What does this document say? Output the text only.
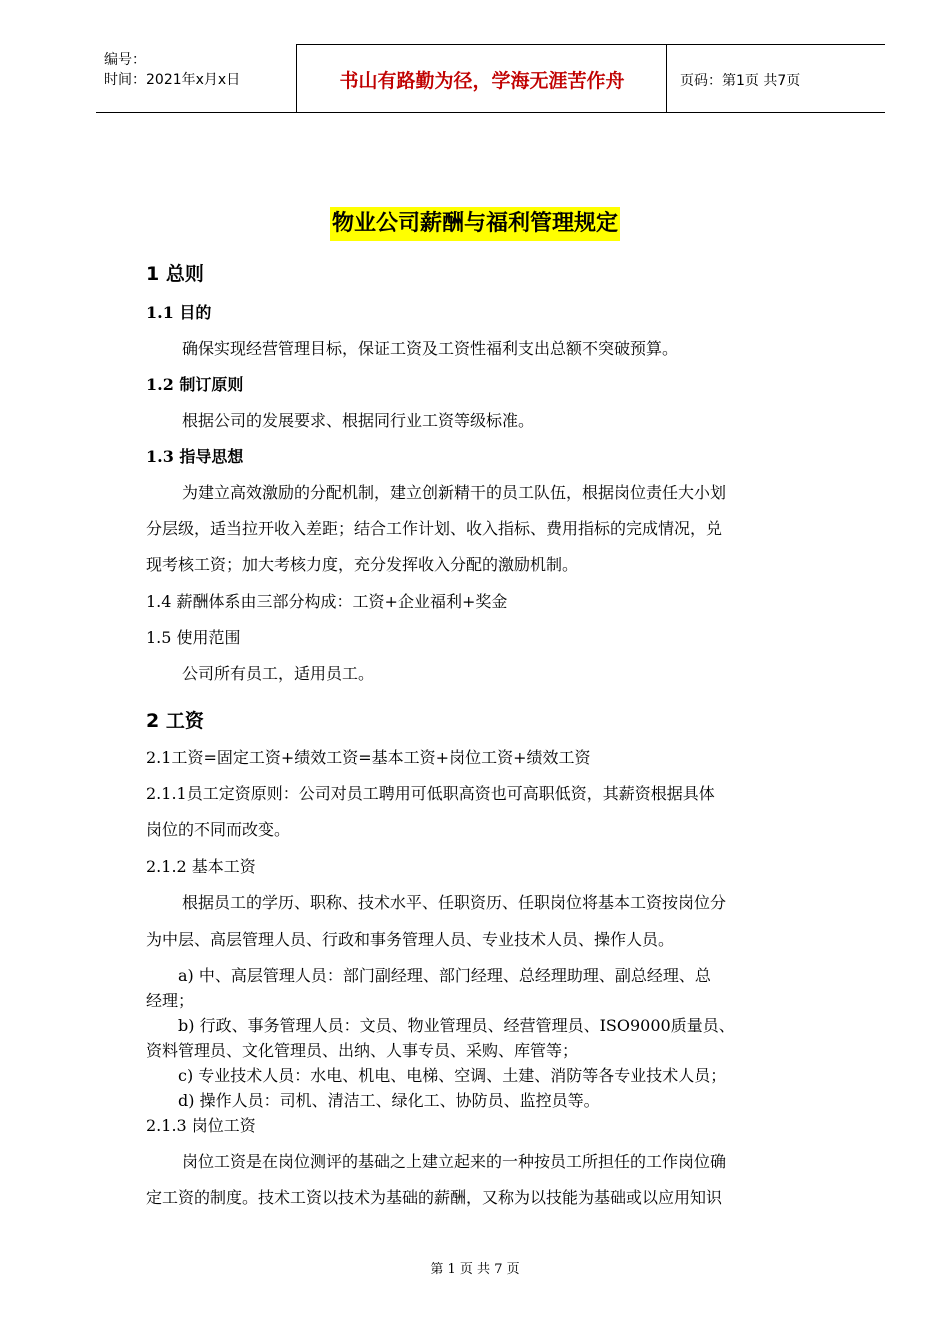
编号：
时间：2021年x月x日	书山有路勤为径，学海无涯苦作舟	页码：第1页 共7页
物业公司薪酬与福利管理规定
1 总则
1.1 目的
确保实现经营管理目标，保证工资及工资性福利支出总额不突破预算。
1.2 制订原则
根据公司的发展要求、根据同行业工资等级标准。
1.3 指导思想
为建立高效激励的分配机制，建立创新精干的员工队伍，根据岗位责任大小划
分层级，适当拉开收入差距；结合工作计划、收入指标、费用指标的完成情况，兑
现考核工资；加大考核力度，充分发挥收入分配的激励机制。
1.4 薪酬体系由三部分构成：工资+企业福利+奖金
1.5 使用范围
公司所有员工，适用员工。
2 工资
2.1工资=固定工资+绩效工资=基本工资+岗位工资+绩效工资
2.1.1员工定资原则：公司对员工聘用可低职高资也可高职低资，其薪资根据具体
岗位的不同而改变。
2.1.2 基本工资
根据员工的学历、职称、技术水平、任职资历、任职岗位将基本工资按岗位分
为中层、高层管理人员、行政和事务管理人员、专业技术人员、操作人员。
a) 中、高层管理人员：部门副经理、部门经理、总经理助理、副总经理、总
经理；
b) 行政、事务管理人员：文员、物业管理员、经营管理员、ISO9000质量员、
资料管理员、文化管理员、出纳、人事专员、采购、库管等；
c) 专业技术人员：水电、机电、电梯、空调、土建、消防等各专业技术人员；
d) 操作人员：司机、清洁工、绿化工、协防员、监控员等。
2.1.3 岗位工资
岗位工资是在岗位测评的基础之上建立起来的一种按员工所担任的工作岗位确
定工资的制度。技术工资以技术为基础的薪酬，又称为以技能为基础或以应用知识
第 1 页 共 7 页
